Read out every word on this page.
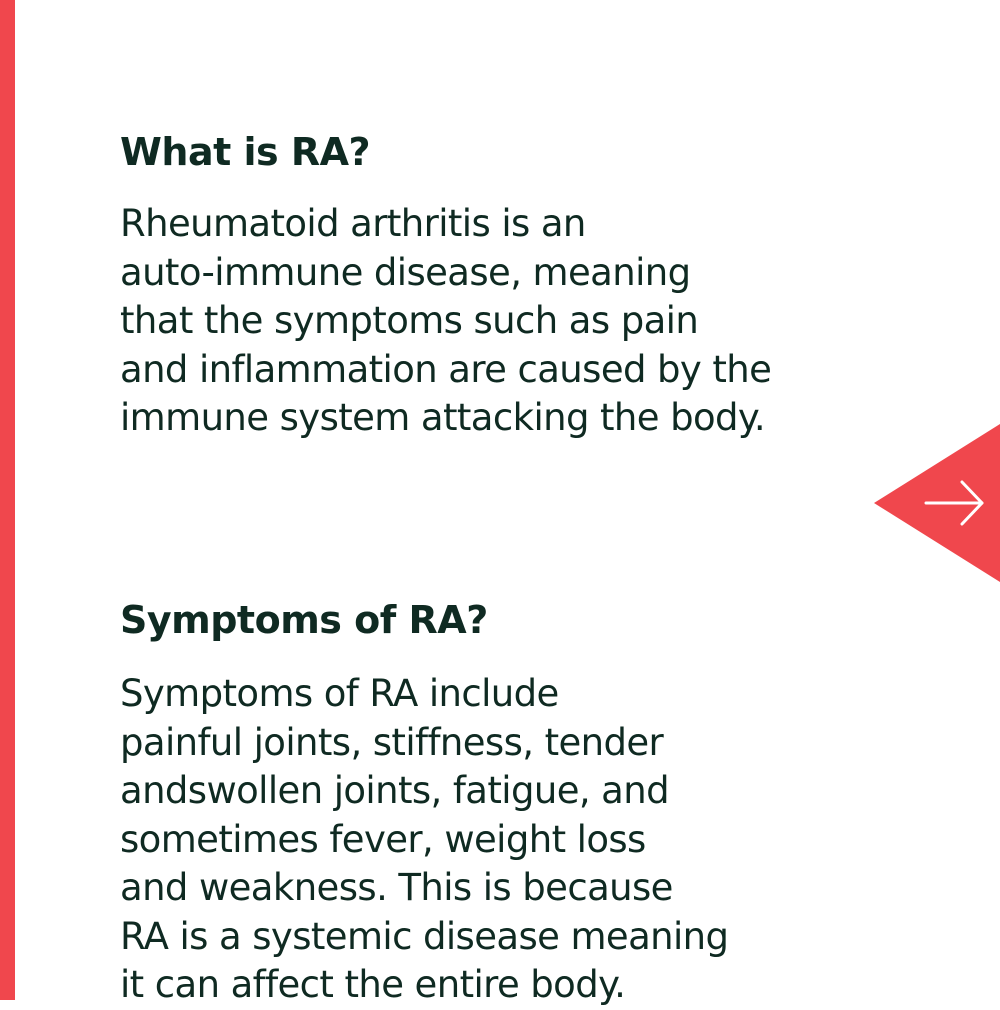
What is RA?

Rheumatoid arthritis is an
auto-immune disease, meaning
that the symptoms such as pain
and inflammation are caused by the
immune system attacking the body.

Symptoms of RA?

Symptoms of RA include
painful joints, stiffness, tender
andswollen joints, fatigue, and
sometimes fever, weight loss
and weakness. This is because
RA is a systemic disease meaning
it can affect the entire body.
